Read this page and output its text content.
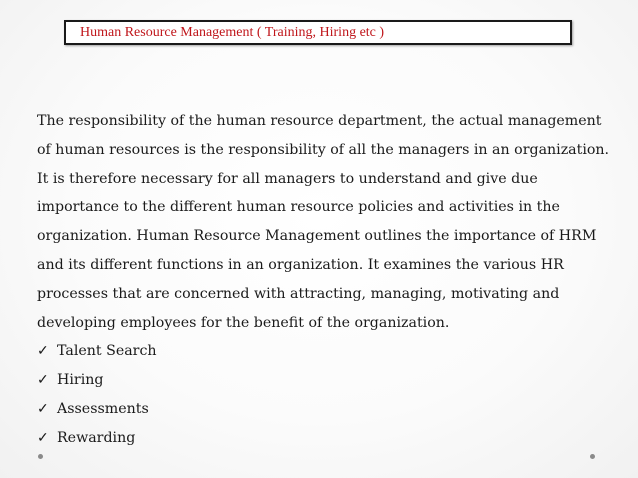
Human Resource Management ( Training, Hiring etc )

The responsibility of the human resource department, the actual management
of human resources is the responsibility of all the managers in an organization.
It is therefore necessary for all managers to understand and give due
importance to the different human resource policies and activities in the
organization. Human Resource Management outlines the importance of HRM
and its different functions in an organization. It examines the various HR
processes that are concerned with attracting, managing, motivating and
developing employees for the benefit of the organization.

✓ Talent Search
✓ Hiring
✓ Assessments
✓ Rewarding
